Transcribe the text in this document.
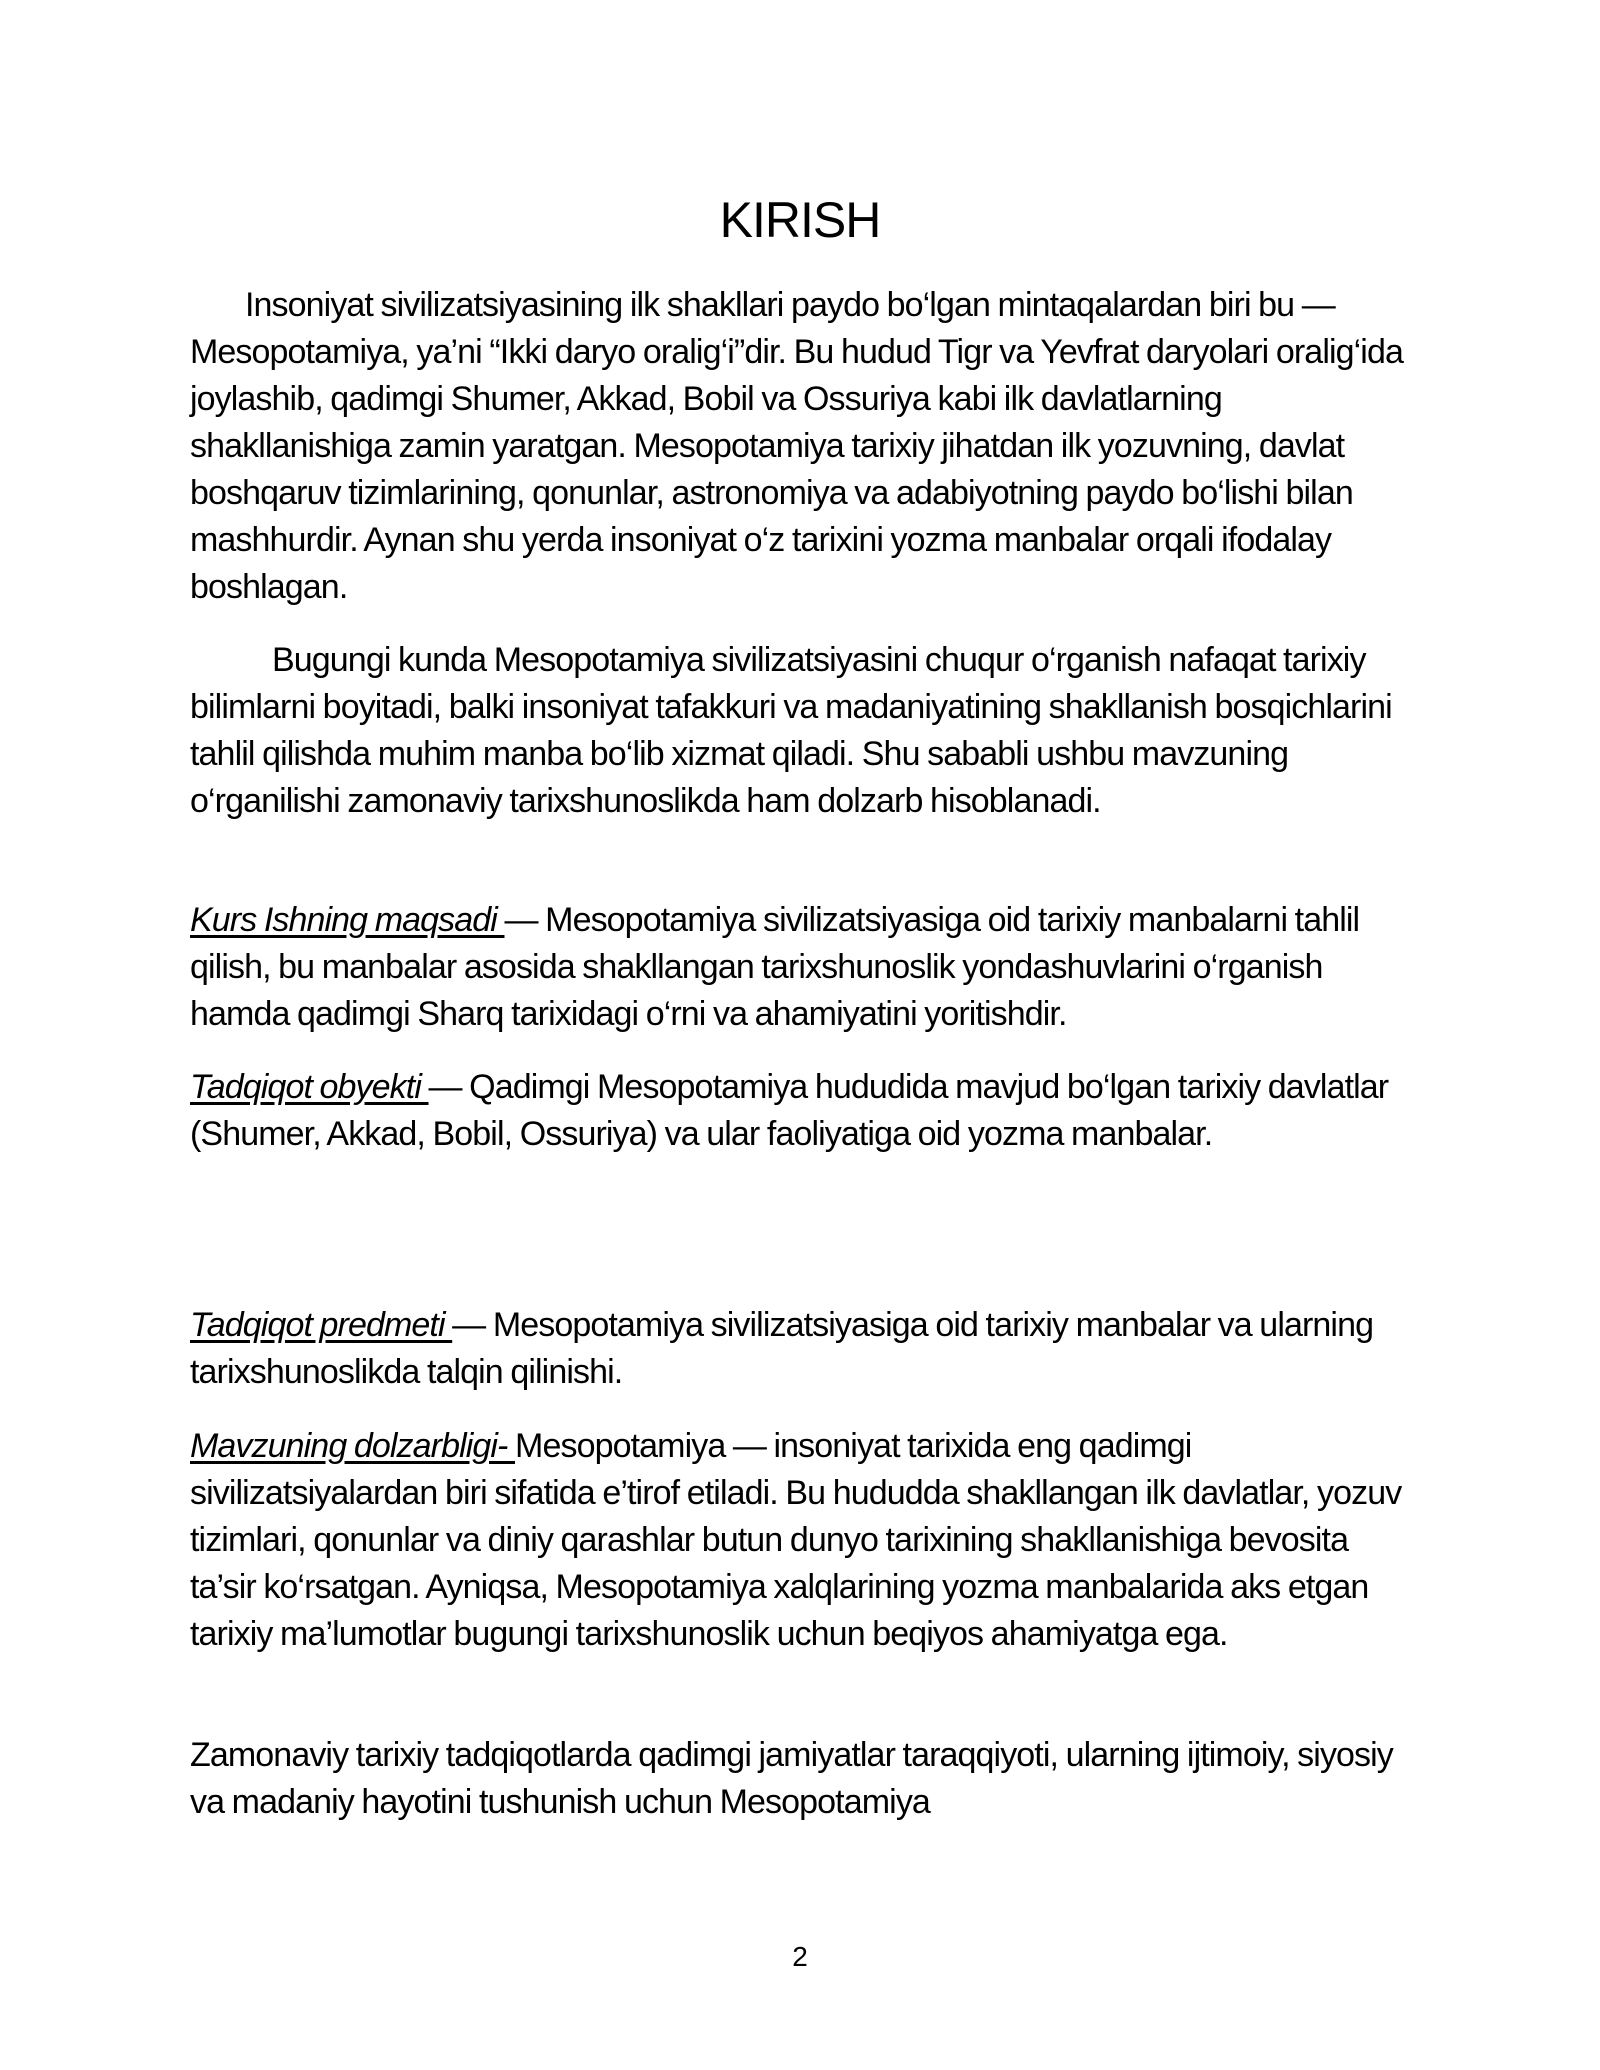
KIRISH

Insoniyat sivilizatsiyasining ilk shakllari paydo bo‘lgan mintaqalardan biri bu — Mesopotamiya, ya’ni “Ikki daryo oralig‘i”dir. Bu hudud Tigr va Yevfrat daryolari oralig‘ida joylashib, qadimgi Shumer, Akkad, Bobil va Ossuriya kabi ilk davlatlarning shakllanishiga zamin yaratgan. Mesopotamiya tarixiy jihatdan ilk yozuvning, davlat boshqaruv tizimlarining, qonunlar, astronomiya va adabiyotning paydo bo‘lishi bilan mashhurdir. Aynan shu yerda insoniyat o‘z tarixini yozma manbalar orqali ifodalay boshlagan.

Bugungi kunda Mesopotamiya sivilizatsiyasini chuqur o‘rganish nafaqat tarixiy bilimlarni boyitadi, balki insoniyat tafakkuri va madaniyatining shakllanish bosqichlarini tahlil qilishda muhim manba bo‘lib xizmat qiladi. Shu sababli ushbu mavzuning o‘rganilishi zamonaviy tarixshunoslikda ham dolzarb hisoblanadi.

Kurs Ishning maqsadi — Mesopotamiya sivilizatsiyasiga oid tarixiy manbalarni tahlil qilish, bu manbalar asosida shakllangan tarixshunoslik yondashuvlarini o‘rganish hamda qadimgi Sharq tarixidagi o‘rni va ahamiyatini yoritishdir.

Tadqiqot obyekti — Qadimgi Mesopotamiya hududida mavjud bo‘lgan tarixiy davlatlar (Shumer, Akkad, Bobil, Ossuriya) va ular faoliyatiga oid yozma manbalar.

Tadqiqot predmeti — Mesopotamiya sivilizatsiyasiga oid tarixiy manbalar va ularning tarixshunoslikda talqin qilinishi.

Mavzuning dolzarbligi- Mesopotamiya — insoniyat tarixida eng qadimgi sivilizatsiyalardan biri sifatida e’tirof etiladi. Bu hududda shakllangan ilk davlatlar, yozuv tizimlari, qonunlar va diniy qarashlar butun dunyo tarixining shakllanishiga bevosita ta’sir ko‘rsatgan. Ayniqsa, Mesopotamiya xalqlarining yozma manbalarida aks etgan tarixiy ma’lumotlar bugungi tarixshunoslik uchun beqiyos ahamiyatga ega.

Zamonaviy tarixiy tadqiqotlarda qadimgi jamiyatlar taraqqiyoti, ularning ijtimoiy, siyosiy va madaniy hayotini tushunish uchun Mesopotamiya

2
